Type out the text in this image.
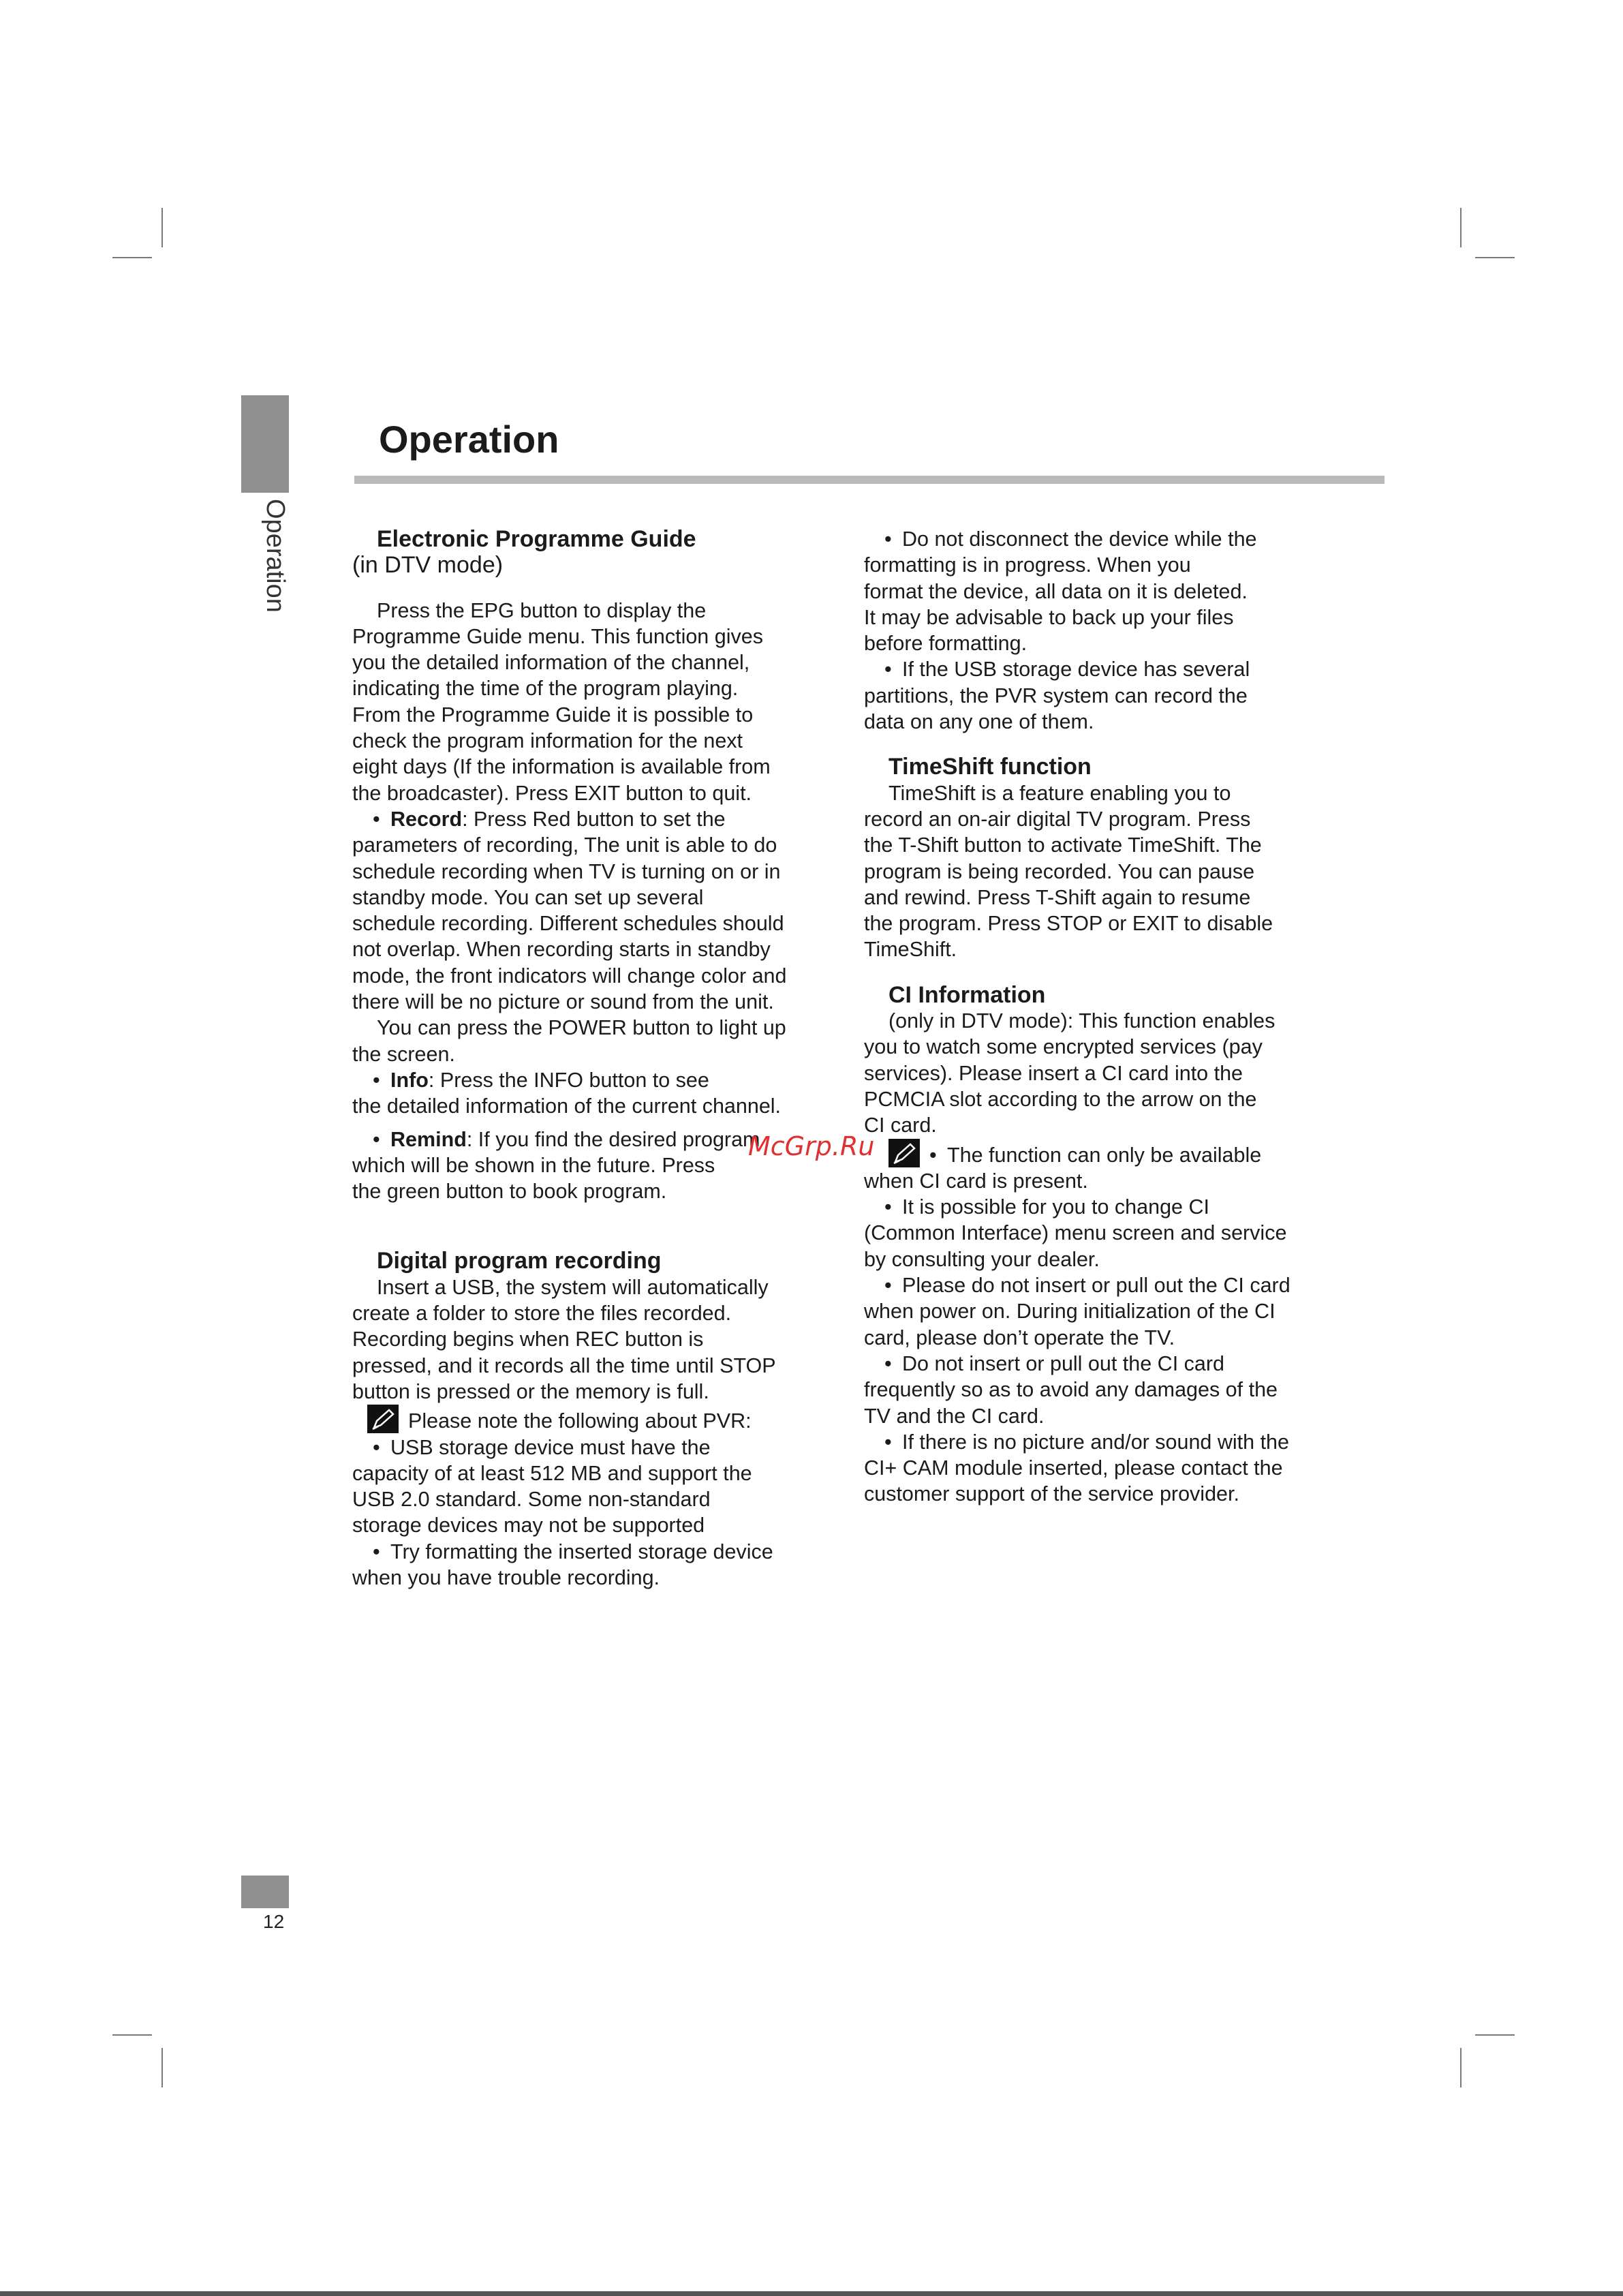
Operation
Operation

Electronic Programme Guide

(in DTV mode)

Press the EPG button to display the

Programme Guide menu. This function gives

you the detailed information of the channel,

indicating the time of the program playing.

From the Programme Guide it is possible to

check the program information for the next

eight days (If the information is available from

the broadcaster). Press EXIT button to quit.

• Record: Press Red button to set the

parameters of recording, The unit is able to do

schedule recording when TV is turning on or in

standby mode. You can set up several

schedule recording. Different schedules should

not overlap. When recording starts in standby

mode, the front indicators will change color and

there will be no picture or sound from the unit.

You can press the POWER button to light up

the screen.

• Info: Press the INFO button to see

the detailed information of the current channel.

• Remind: If you find the desired program

which will be shown in the future. Press

the green button to book program.

Digital program recording

Insert a USB, the system will automatically

create a folder to store the files recorded.

Recording begins when REC button is

pressed, and it records all the time until STOP

button is pressed or the memory is full.

Please note the following about PVR:

• USB storage device must have the

capacity of at least 512 MB and support the

USB 2.0 standard. Some non-standard

storage devices may not be supported

• Try formatting the inserted storage device

when you have trouble recording.

• Do not disconnect the device while the

formatting is in progress. When you

format the device, all data on it is deleted.

It may be advisable to back up your files

before formatting.

• If the USB storage device has several

partitions, the PVR system can record the

data on any one of them.

TimeShift function

TimeShift is a feature enabling you to

record an on-air digital TV program. Press

the T-Shift button to activate TimeShift. The

program is being recorded. You can pause

and rewind. Press T-Shift again to resume

the program. Press STOP or EXIT to disable

TimeShift.

CI Information

(only in DTV mode): This function enables

you to watch some encrypted services (pay

services). Please insert a CI card into the

PCMCIA slot according to the arrow on the

CI card.

• The function can only be available

when CI card is present.

• It is possible for you to change CI

(Common Interface) menu screen and service

by consulting your dealer.

• Please do not insert or pull out the CI card

when power on. During initialization of the CI

card, please don’t operate the TV.

• Do not insert or pull out the CI card

frequently so as to avoid any damages of the

TV and the CI card.

• If there is no picture and/or sound with the

CI+ CAM module inserted, please contact the

customer support of the service provider.

McGrp.Ru
12
